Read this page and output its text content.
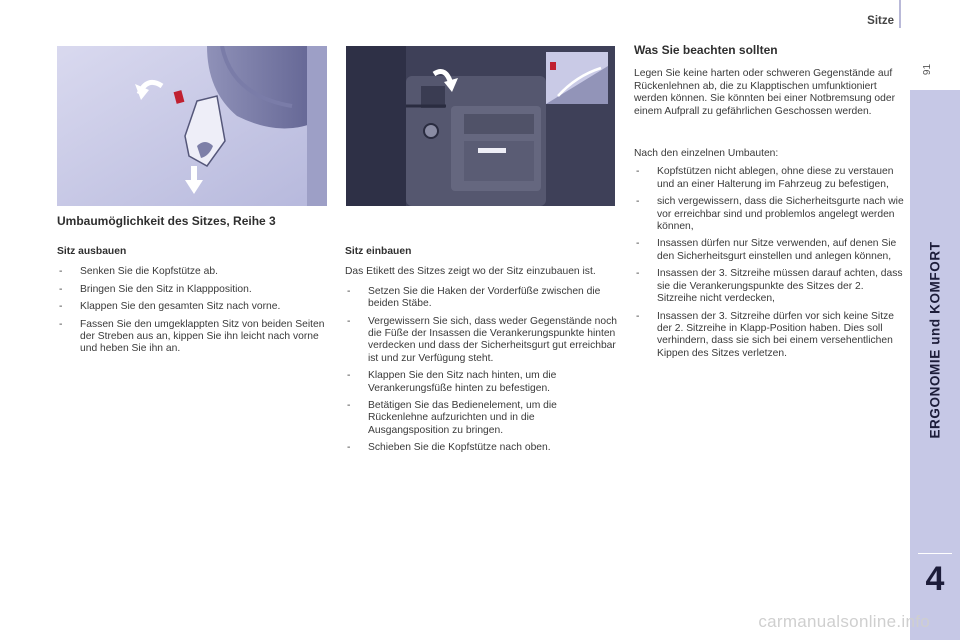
Sitze
91
ERGONOMIE und KOMFORT
4
Umbaumöglichkeit des Sitzes, Reihe 3
Sitz ausbauen
- Senken Sie die Kopfstütze ab.
- Bringen Sie den Sitz in Klappposition.
- Klappen Sie den gesamten Sitz nach vorne.
- Fassen Sie den umgeklappten Sitz von beiden Seiten der Streben aus an, kippen Sie ihn leicht nach vorne und heben Sie ihn an.
Sitz einbauen

Das Etikett des Sitzes zeigt wo der Sitz einzubauen ist.

- Setzen Sie die Haken der Vorderfüße zwischen die beiden Stäbe.
- Vergewissern Sie sich, dass weder Gegenstände noch die Füße der Insassen die Verankerungspunkte hinten verdecken und dass der Sicherheitsgurt gut erreichbar ist und zur Verfügung steht.
- Klappen Sie den Sitz nach hinten, um die Verankerungsfüße hinten zu befestigen.
- Betätigen Sie das Bedienelement, um die Rückenlehne aufzurichten und in die Ausgangsposition zu bringen.
- Schieben Sie die Kopfstütze nach oben.
Was Sie beachten sollten

Legen Sie keine harten oder schweren Gegenstände auf Rückenlehnen ab, die zu Klapptischen umfunktioniert werden können. Sie könnten bei einer Notbremsung oder einem Aufprall zu gefährlichen Geschossen werden.

Nach den einzelnen Umbauten:

- Kopfstützen nicht ablegen, ohne diese zu verstauen und an einer Halterung im Fahrzeug zu befestigen,
- sich vergewissern, dass die Sicherheitsgurte nach wie vor erreichbar sind und problemlos angelegt werden können,
- Insassen dürfen nur Sitze verwenden, auf denen Sie den Sicherheitsgurt einstellen und anlegen können,
- Insassen der 3. Sitzreihe müssen darauf achten, dass sie die Verankerungspunkte des Sitzes der 2. Sitzreihe nicht verdecken,
- Insassen der 3. Sitzreihe dürfen vor sich keine Sitze der 2. Sitzreihe in Klapp-Position haben. Dies soll verhindern, dass sie sich bei einem versehentlichen Kippen des Sitzes verletzen.
carmanualsonline.info
